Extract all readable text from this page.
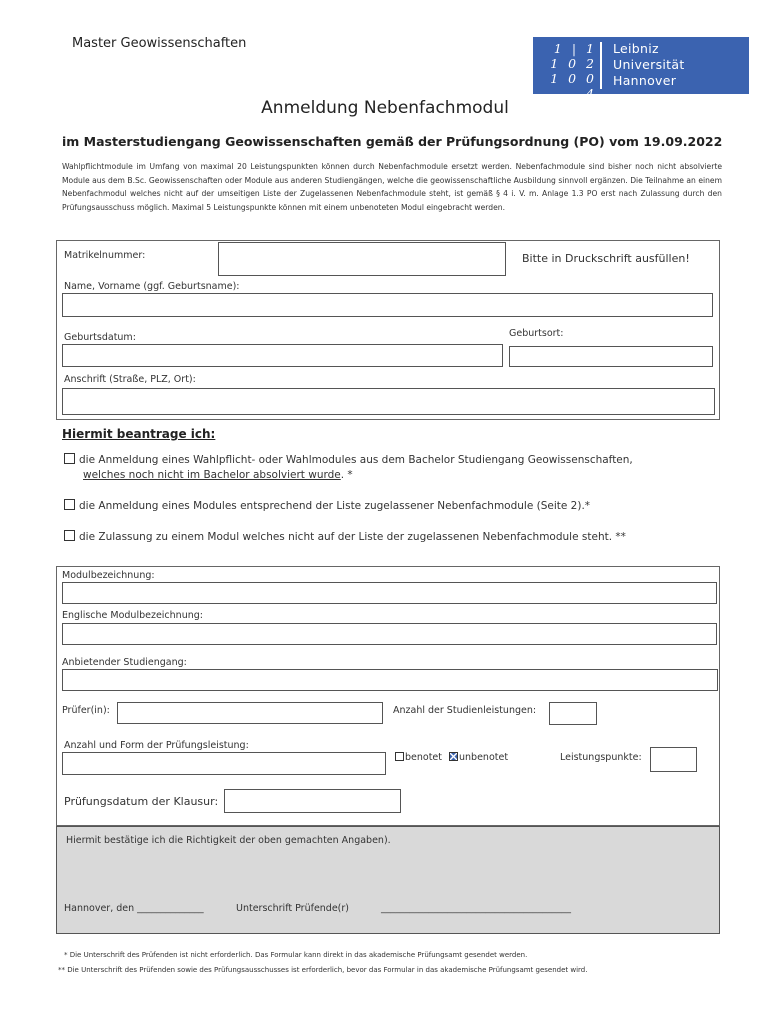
Master Geowissenschaften	1 | 1
1 0 2
1 0 0 4
Leibniz
Universität
Hannover
Anmeldung Nebenfachmodul
im Masterstudiengang Geowissenschaften gemäß der Prüfungsordnung (PO) vom 19.09.2022
Wahlpflichtmodule im Umfang von maximal 20 Leistungspunkten können durch Nebenfachmodule ersetzt werden. Nebenfachmodule sind bisher noch nicht absolvierte Module aus dem B.Sc. Geowissenschaften oder Module aus anderen Studiengängen, welche die geowissenschaftliche Ausbildung sinnvoll ergänzen. Die Teilnahme an einem Nebenfachmodul welches nicht auf der umseitigen Liste der Zugelassenen Nebenfachmodule steht, ist gemäß § 4 i. V. m. Anlage 1.3 PO erst nach Zulassung durch den Prüfungsausschuss möglich. Maximal 5 Leistungspunkte können mit einem unbenoteten Modul eingebracht werden.
Matrikelnummer:	Bitte in Druckschrift ausfüllen!
Name, Vorname (ggf. Geburtsname):
Geburtsdatum:	Geburtsort:
Anschrift (Straße, PLZ, Ort):
Hiermit beantrage ich:
die Anmeldung eines Wahlpflicht- oder Wahlmodules aus dem Bachelor Studiengang Geowissenschaften,
welches noch nicht im Bachelor absolviert wurde. *
die Anmeldung eines Modules entsprechend der Liste zugelassener Nebenfachmodule (Seite 2).*
die Zulassung zu einem Modul welches nicht auf der Liste der zugelassenen Nebenfachmodule steht. **
Modulbezeichnung:
Englische Modulbezeichnung:
Anbietender Studiengang:
Prüfer(in):	Anzahl der Studienleistungen:
Anzahl und Form der Prüfungsleistung:
benotet	unbenotet	Leistungspunkte:
Prüfungsdatum der Klausur:
Hiermit bestätige ich die Richtigkeit der oben gemachten Angaben).
Hannover, den ______________	Unterschrift Prüfende(r)	________________________________________
* Die Unterschrift des Prüfenden ist nicht erforderlich. Das Formular kann direkt in das akademische Prüfungsamt gesendet werden.
** Die Unterschrift des Prüfenden sowie des Prüfungsausschusses ist erforderlich, bevor das Formular in das akademische Prüfungsamt gesendet wird.
